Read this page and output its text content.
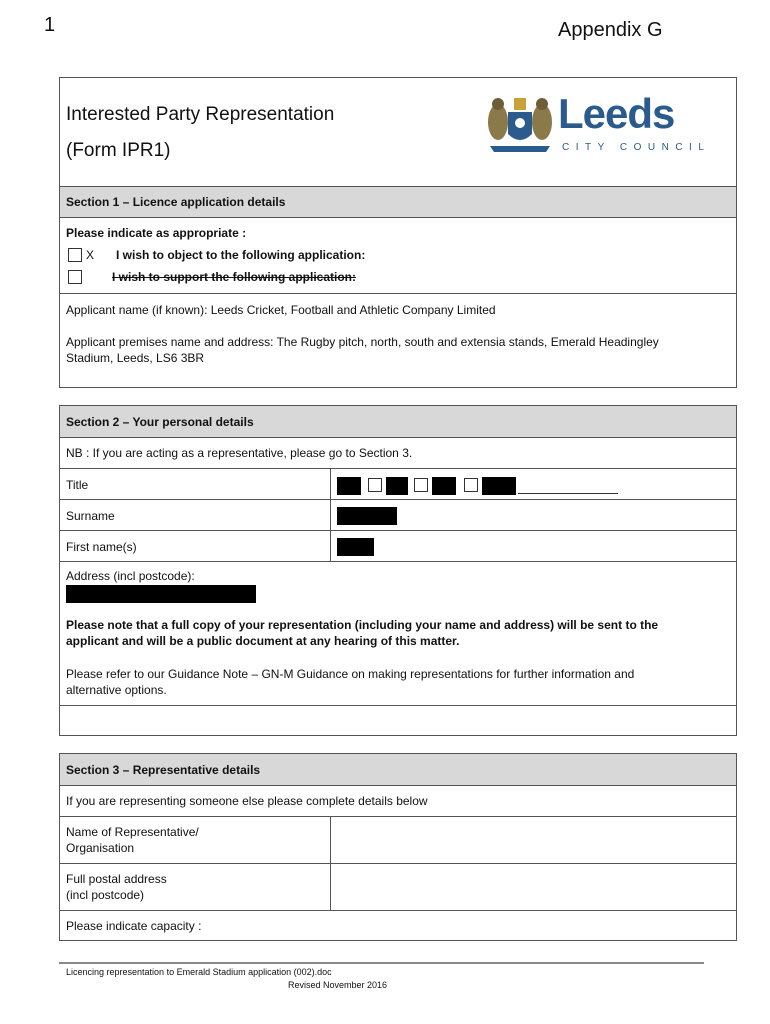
1	Appendix G
Interested Party Representation
(Form IPR1)
Leeds
CITY COUNCIL
Section 1 – Licence application details
Please indicate as appropriate :
X I wish to object to the following application:
I wish to support the following application:
Applicant name (if known): Leeds Cricket, Football and Athletic Company Limited
Applicant premises name and address: The Rugby pitch, north, south and extensia stands, Emerald Headingley
Stadium, Leeds, LS6 3BR
Section 2 – Your personal details
NB : If you are acting as a representative, please go to Section 3.
Title
Surname
First name(s)
Address (incl postcode):
Please note that a full copy of your representation (including your name and address) will be sent to the
applicant and will be a public document at any hearing of this matter.
Please refer to our Guidance Note – GN-M Guidance on making representations for further information and
alternative options.
Section 3 – Representative details
If you are representing someone else please complete details below
Name of Representative/
Organisation
Full postal address
(incl postcode)
Please indicate capacity :
Licencing representation to Emerald Stadium application (002).doc
Revised November 2016
